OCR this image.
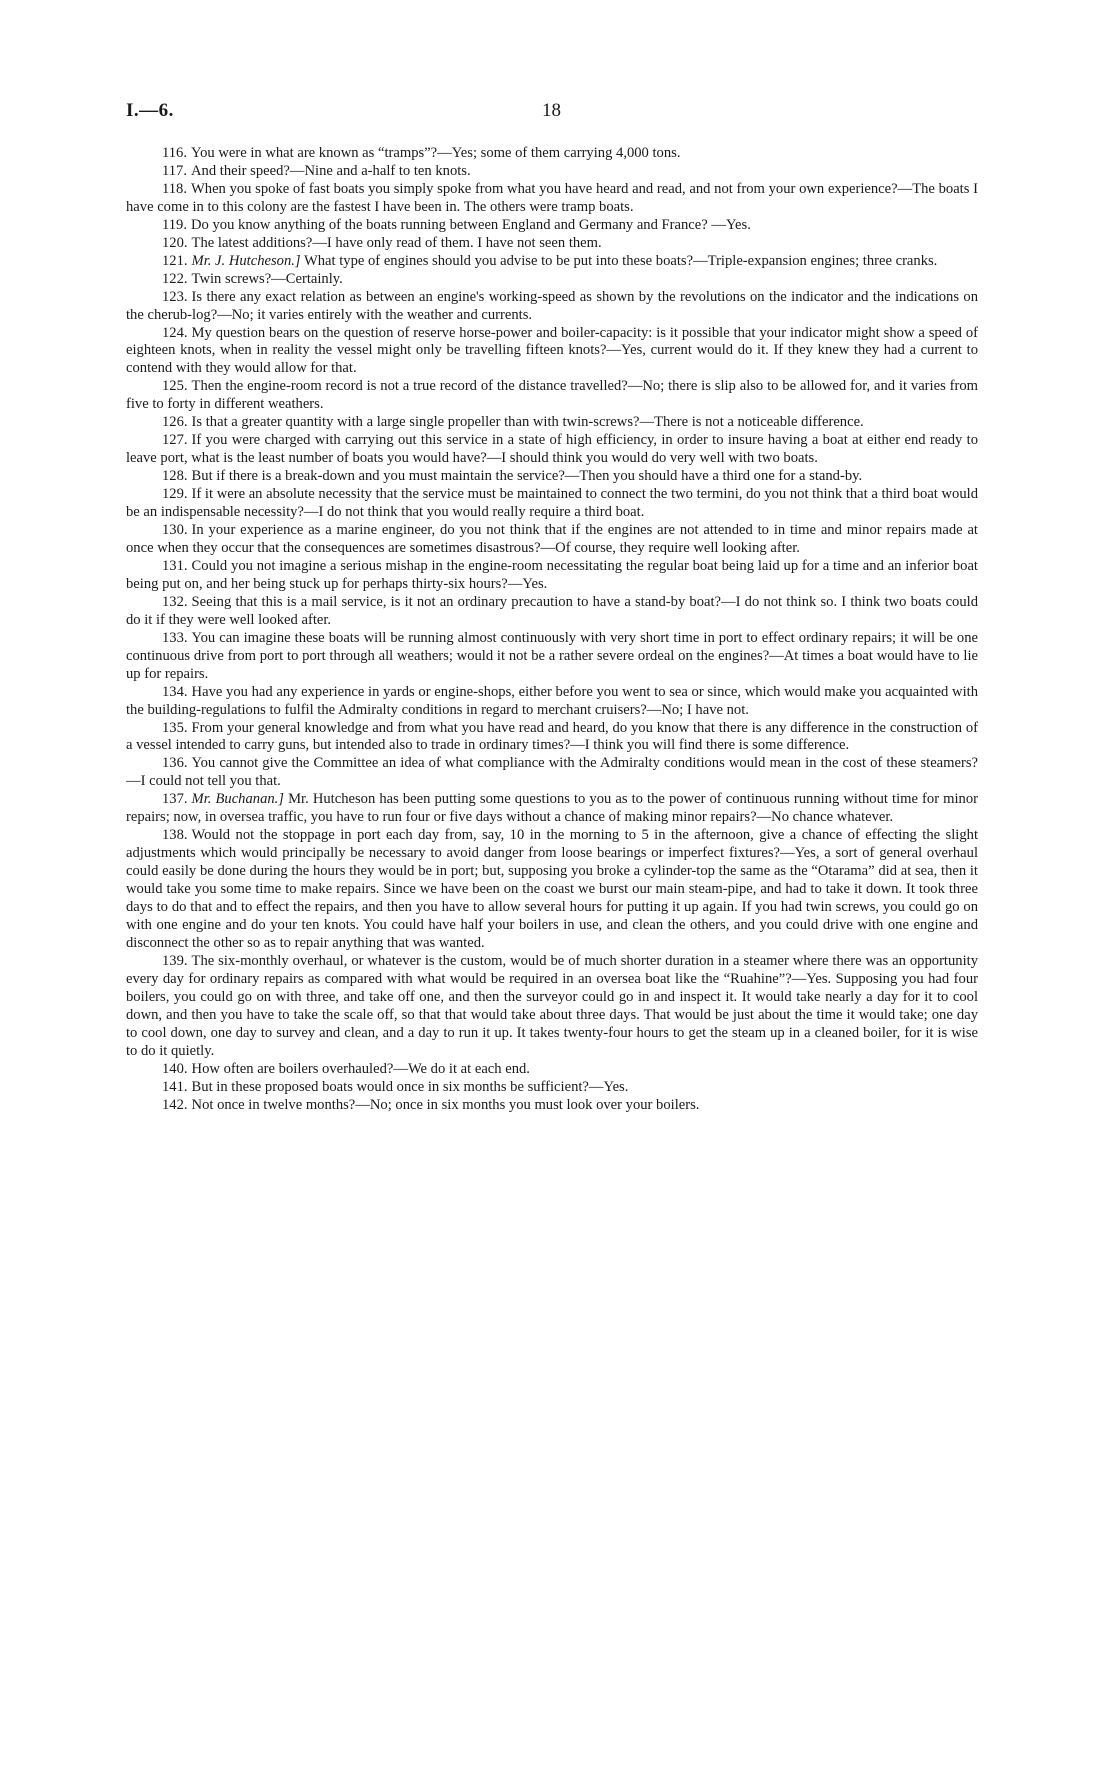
I.—6.	18

116. You were in what are known as “tramps”?—Yes; some of them carrying 4,000 tons.

117. And their speed?—Nine and a-half to ten knots.

118. When you spoke of fast boats you simply spoke from what you have heard and read, and not from your own experience?—The boats I have come in to this colony are the fastest I have been in. The others were tramp boats.

119. Do you know anything of the boats running between England and Germany and France? —Yes.

120. The latest additions?—I have only read of them. I have not seen them.

121. Mr. J. Hutcheson.] What type of engines should you advise to be put into these boats?—Triple-expansion engines; three cranks.

122. Twin screws?—Certainly.

123. Is there any exact relation as between an engine's working-speed as shown by the revolutions on the indicator and the indications on the cherub-log?—No; it varies entirely with the weather and currents.

124. My question bears on the question of reserve horse-power and boiler-capacity: is it possible that your indicator might show a speed of eighteen knots, when in reality the vessel might only be travelling fifteen knots?—Yes, current would do it. If they knew they had a current to contend with they would allow for that.

125. Then the engine-room record is not a true record of the distance travelled?—No; there is slip also to be allowed for, and it varies from five to forty in different weathers.

126. Is that a greater quantity with a large single propeller than with twin-screws?—There is not a noticeable difference.

127. If you were charged with carrying out this service in a state of high efficiency, in order to insure having a boat at either end ready to leave port, what is the least number of boats you would have?—I should think you would do very well with two boats.

128. But if there is a break-down and you must maintain the service?—Then you should have a third one for a stand-by.

129. If it were an absolute necessity that the service must be maintained to connect the two termini, do you not think that a third boat would be an indispensable necessity?—I do not think that you would really require a third boat.

130. In your experience as a marine engineer, do you not think that if the engines are not attended to in time and minor repairs made at once when they occur that the consequences are sometimes disastrous?—Of course, they require well looking after.

131. Could you not imagine a serious mishap in the engine-room necessitating the regular boat being laid up for a time and an inferior boat being put on, and her being stuck up for perhaps thirty-six hours?—Yes.

132. Seeing that this is a mail service, is it not an ordinary precaution to have a stand-by boat?—I do not think so. I think two boats could do it if they were well looked after.

133. You can imagine these boats will be running almost continuously with very short time in port to effect ordinary repairs; it will be one continuous drive from port to port through all weathers; would it not be a rather severe ordeal on the engines?—At times a boat would have to lie up for repairs.

134. Have you had any experience in yards or engine-shops, either before you went to sea or since, which would make you acquainted with the building-regulations to fulfil the Admiralty conditions in regard to merchant cruisers?—No; I have not.

135. From your general knowledge and from what you have read and heard, do you know that there is any difference in the construction of a vessel intended to carry guns, but intended also to trade in ordinary times?—I think you will find there is some difference.

136. You cannot give the Committee an idea of what compliance with the Admiralty conditions would mean in the cost of these steamers?—I could not tell you that.

137. Mr. Buchanan.] Mr. Hutcheson has been putting some questions to you as to the power of continuous running without time for minor repairs; now, in oversea traffic, you have to run four or five days without a chance of making minor repairs?—No chance whatever.

138. Would not the stoppage in port each day from, say, 10 in the morning to 5 in the afternoon, give a chance of effecting the slight adjustments which would principally be necessary to avoid danger from loose bearings or imperfect fixtures?—Yes, a sort of general overhaul could easily be done during the hours they would be in port; but, supposing you broke a cylinder-top the same as the “Otarama” did at sea, then it would take you some time to make repairs. Since we have been on the coast we burst our main steam-pipe, and had to take it down. It took three days to do that and to effect the repairs, and then you have to allow several hours for putting it up again. If you had twin screws, you could go on with one engine and do your ten knots. You could have half your boilers in use, and clean the others, and you could drive with one engine and disconnect the other so as to repair anything that was wanted.

139. The six-monthly overhaul, or whatever is the custom, would be of much shorter duration in a steamer where there was an opportunity every day for ordinary repairs as compared with what would be required in an oversea boat like the “Ruahine”?—Yes. Supposing you had four boilers, you could go on with three, and take off one, and then the surveyor could go in and inspect it. It would take nearly a day for it to cool down, and then you have to take the scale off, so that that would take about three days. That would be just about the time it would take; one day to cool down, one day to survey and clean, and a day to run it up. It takes twenty-four hours to get the steam up in a cleaned boiler, for it is wise to do it quietly.

140. How often are boilers overhauled?—We do it at each end.

141. But in these proposed boats would once in six months be sufficient?—Yes.

142. Not once in twelve months?—No; once in six months you must look over your boilers.
